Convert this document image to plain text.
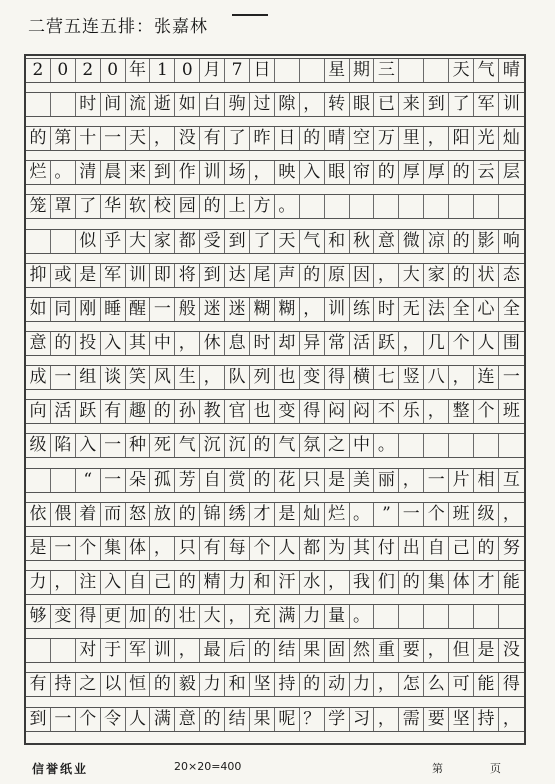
二营五连五排：张嘉林
2 0 2 0 年 1 0 月 7 日	星 期 三	天 气 晴
时 间 流 逝 如 白 驹 过 隙 ， 转 眼 已 来 到 了 军 训
的 第 十 一 天 ， 没 有 了 昨 日 的 晴 空 万 里 ， 阳 光 灿
烂 。 清 晨 来 到 作 训 场 ， 映 入 眼 帘 的 厚 厚 的 云 层
笼 罩 了 华 软 校 园 的 上 方 。
似 乎 大 家 都 受 到 了 天 气 和 秋 意 微 凉 的 影 响
抑 或 是 军 训 即 将 到 达 尾 声 的 原 因 ， 大 家 的 状 态
如 同 刚 睡 醒 一 般 迷 迷 糊 糊 ， 训 练 时 无 法 全 心 全
意 的 投 入 其 中 ， 休 息 时 却 异 常 活 跃 ， 几 个 人 围
成 一 组 谈 笑 风 生 ， 队 列 也 变 得 横 七 竖 八 ， 连 一
向 活 跃 有 趣 的 孙 教 官 也 变 得 闷 闷 不 乐 ， 整 个 班
级 陷 入 一 种 死 气 沉 沉 的 气 氛 之 中 。
“ 一 朵 孤 芳 自 赏 的 花 只 是 美 丽 ， 一 片 相 互
依 偎 着 而 怒 放 的 锦 绣 才 是 灿 烂 。 ” 一 个 班 级 ，
是 一 个 集 体 ， 只 有 每 个 人 都 为 其 付 出 自 己 的 努
力 ， 注 入 自 己 的 精 力 和 汗 水 ， 我 们 的 集 体 才 能
够 变 得 更 加 的 壮 大 ， 充 满 力 量 。
对 于 军 训 ， 最 后 的 结 果 固 然 重 要 ， 但 是 没
有 持 之 以 恒 的 毅 力 和 坚 持 的 动 力 ， 怎 么 可 能 得
到 一 个 令 人 满 意 的 结 果 呢 ？ 学 习 ， 需 要 坚 持 ，
信誉纸业	20×20=400	第	页
